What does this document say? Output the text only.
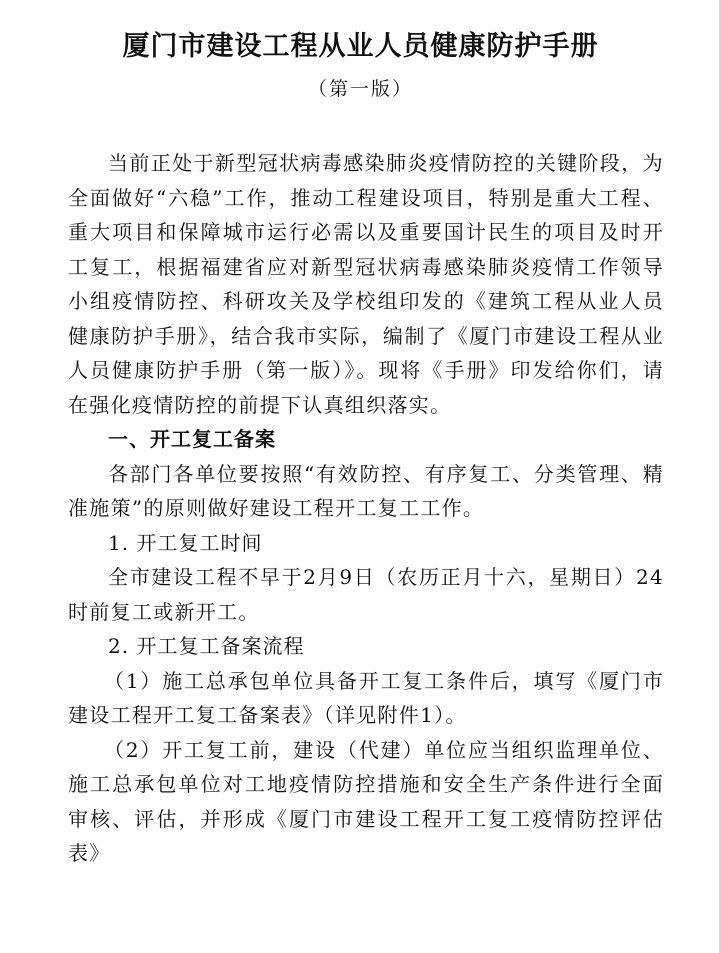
厦门市建设工程从业人员健康防护手册
（第一版）

当前正处于新型冠状病毒感染肺炎疫情防控的关键阶段，为全面做好“六稳”工作，推动工程建设项目，特别是重大工程、重大项目和保障城市运行必需以及重要国计民生的项目及时开工复工，根据福建省应对新型冠状病毒感染肺炎疫情工作领导小组疫情防控、科研攻关及学校组印发的《建筑工程从业人员健康防护手册》，结合我市实际，编制了《厦门市建设工程从业人员健康防护手册（第一版）》。现将《手册》印发给你们，请在强化疫情防控的前提下认真组织落实。

一、开工复工备案

各部门各单位要按照“有效防控、有序复工、分类管理、精准施策”的原则做好建设工程开工复工工作。

1. 开工复工时间

全市建设工程不早于2月9日（农历正月十六，星期日）24时前复工或新开工。

2. 开工复工备案流程

（1）施工总承包单位具备开工复工条件后，填写《厦门市建设工程开工复工备案表》（详见附件1）。

（2）开工复工前，建设（代建）单位应当组织监理单位、施工总承包单位对工地疫情防控措施和安全生产条件进行全面审核、评估，并形成《厦门市建设工程开工复工疫情防控评估表》
